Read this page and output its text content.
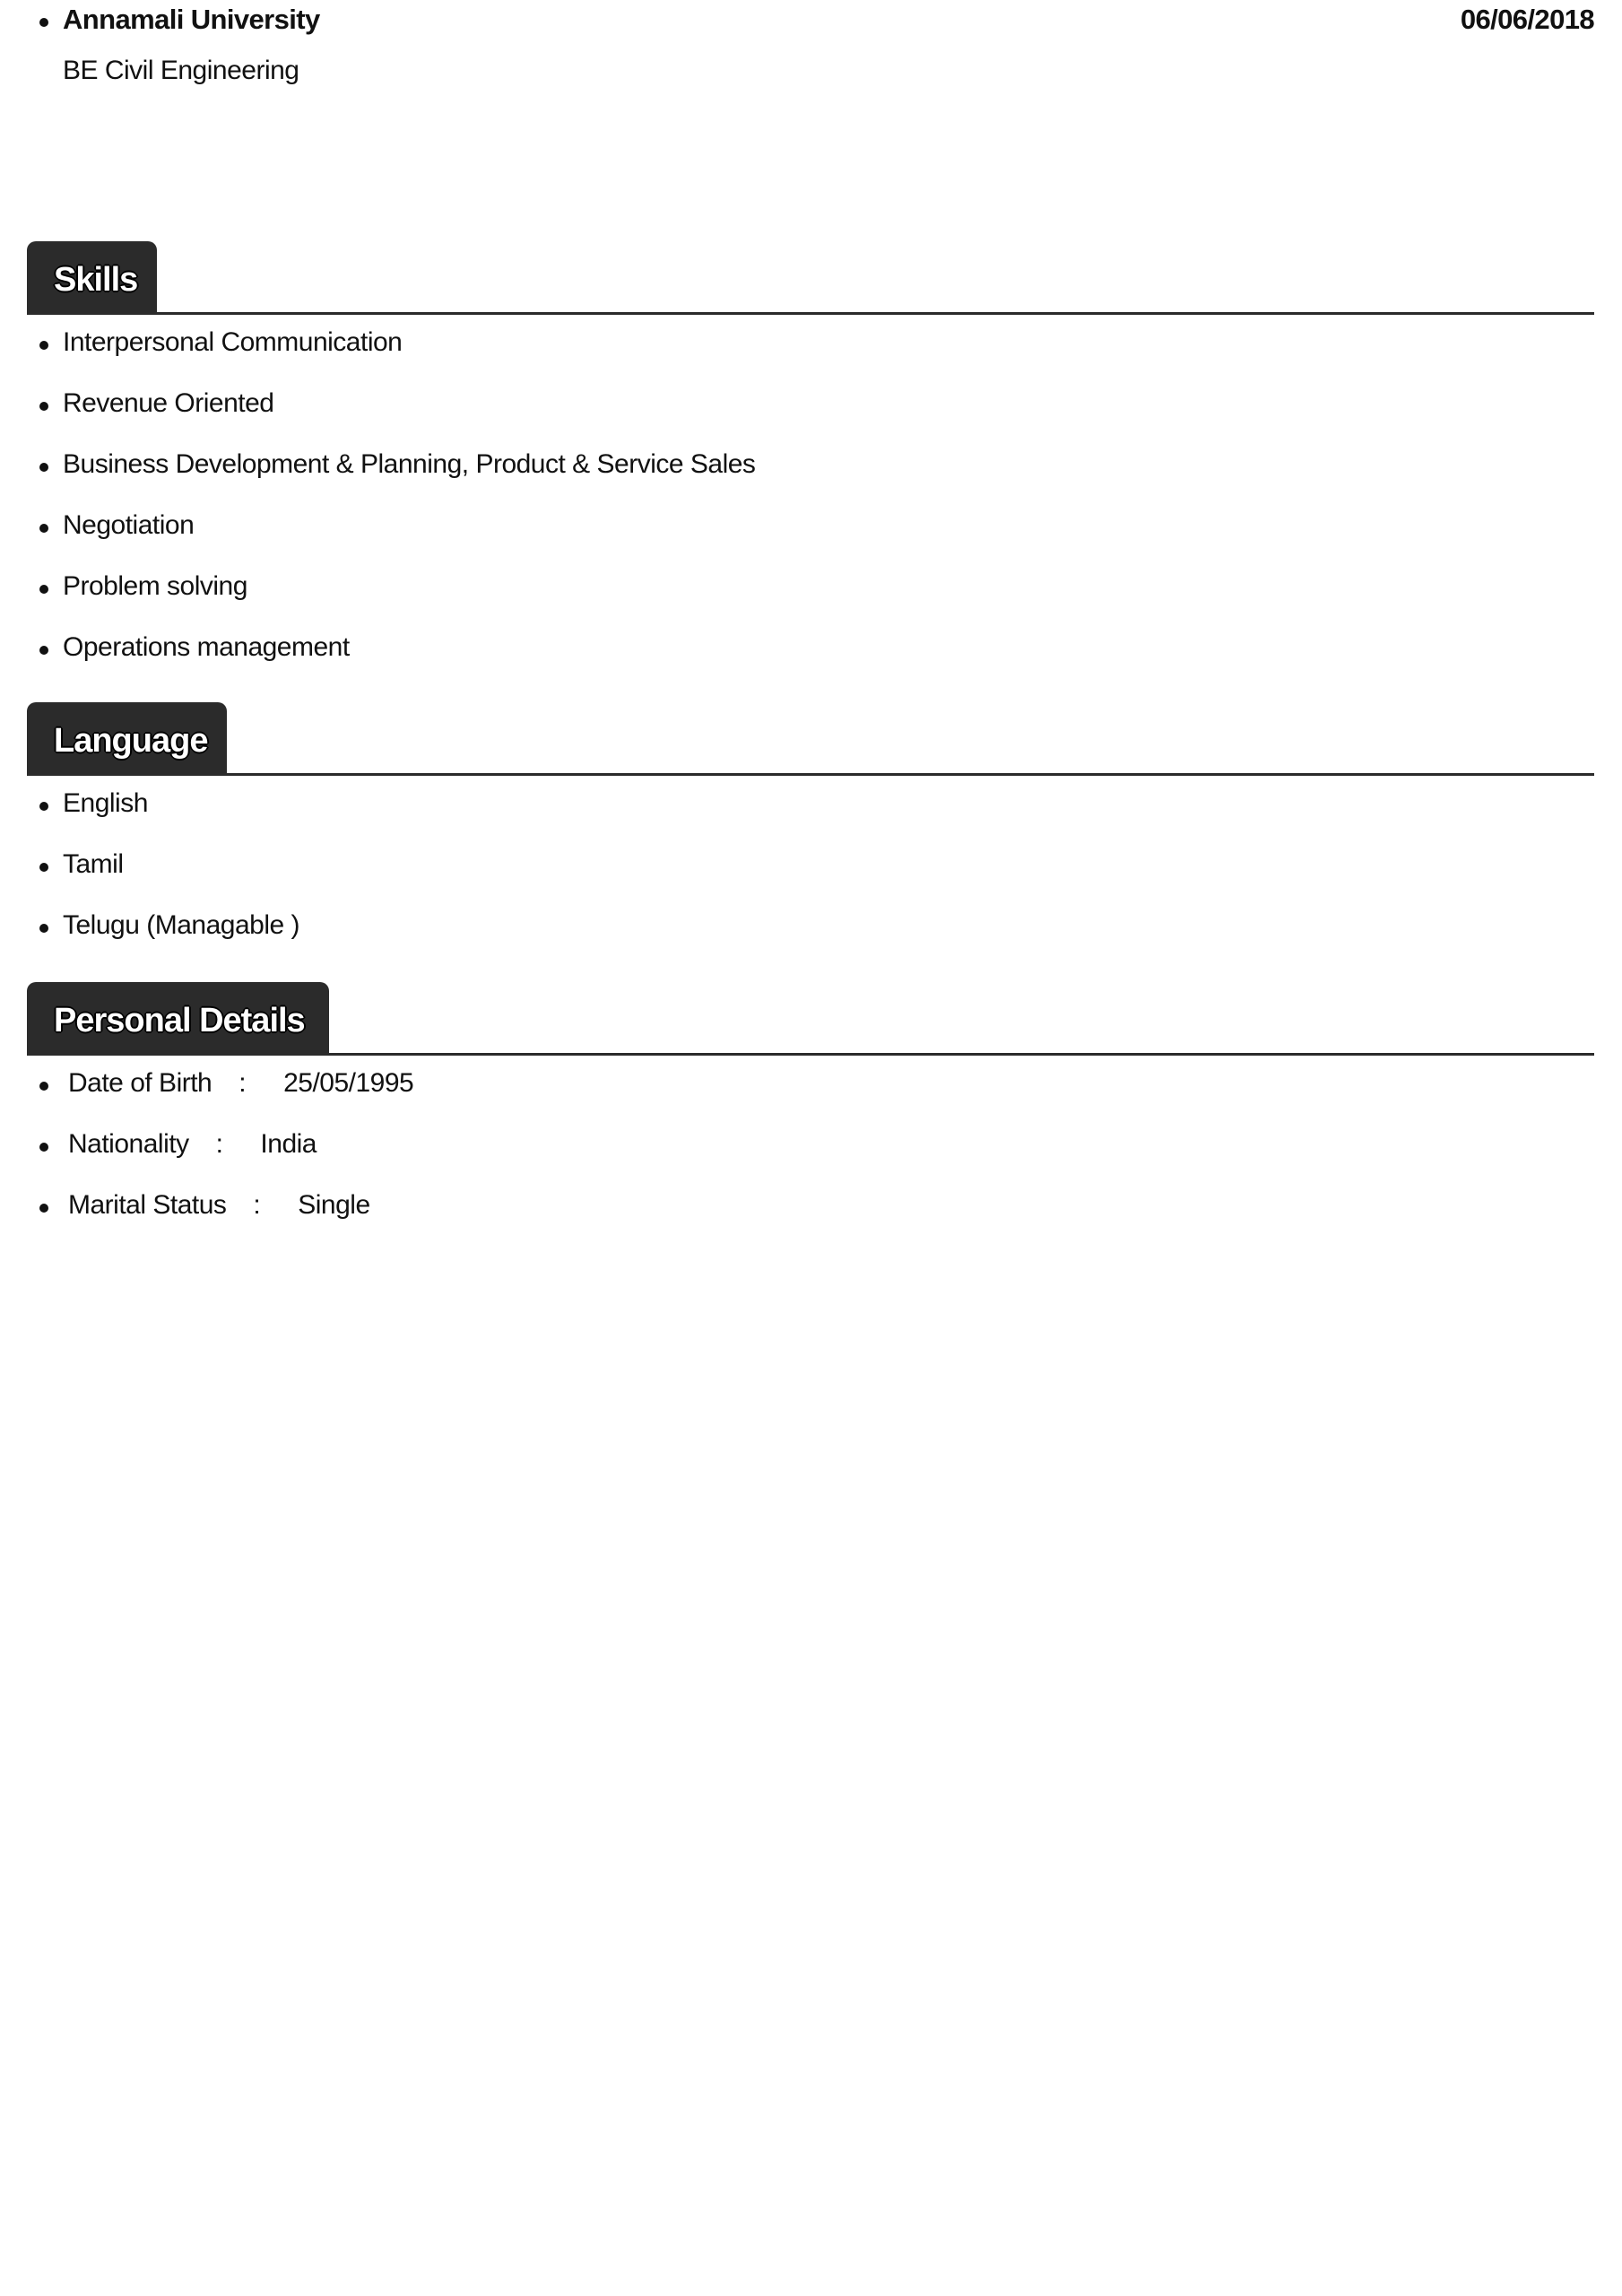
Annamali University	06/06/2018
BE Civil Engineering
Skills
Interpersonal Communication
Revenue Oriented
Business Development & Planning, Product & Service Sales
Negotiation
Problem solving
Operations management
Language
English
Tamil
Telugu (Managable )
Personal Details
Date of Birth : 25/05/1995
Nationality : India
Marital Status : Single
